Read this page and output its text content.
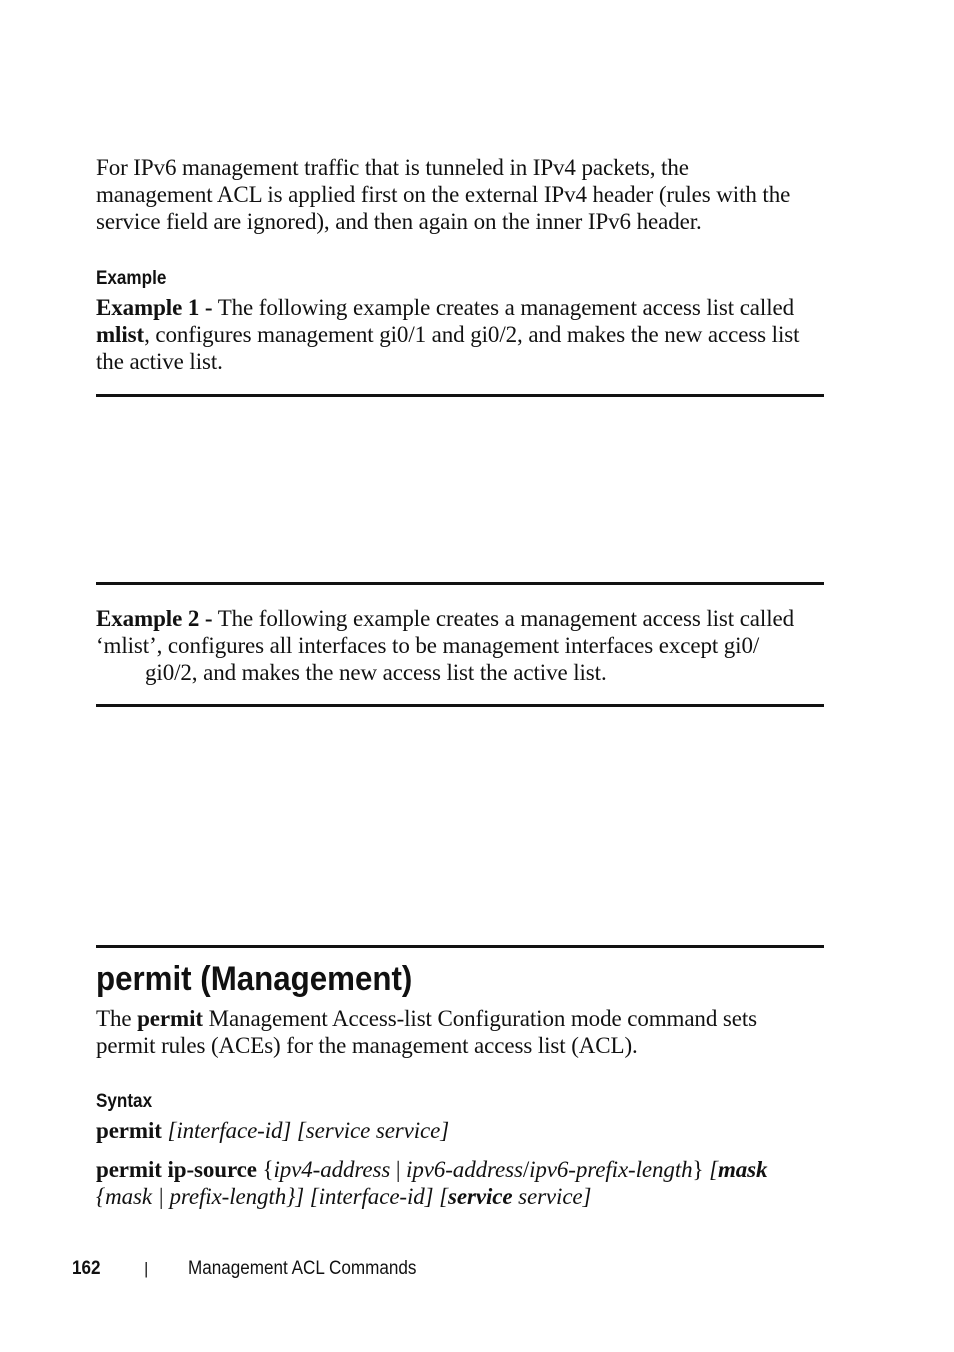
For IPv6 management traffic that is tunneled in IPv4 packets, the
management ACL is applied first on the external IPv4 header (rules with the
service field are ignored), and then again on the inner IPv6 header.
Example
Example 1 - The following example creates a management access list called
mlist, configures management gi0/1 and gi0/2, and makes the new access list
the active list.
Example 2 - The following example creates a management access list called
‘mlist’, configures all interfaces to be management interfaces except gi0/
gi0/2, and makes the new access list the active list.
permit (Management)
The permit Management Access-list Configuration mode command sets
permit rules (ACEs) for the management access list (ACL).
Syntax
permit [interface-id] [service service]
permit ip-source {ipv4-address | ipv6-address/ipv6-prefix-length} [mask
{mask | prefix-length}] [interface-id] [service service]
162	| Management ACL Commands
